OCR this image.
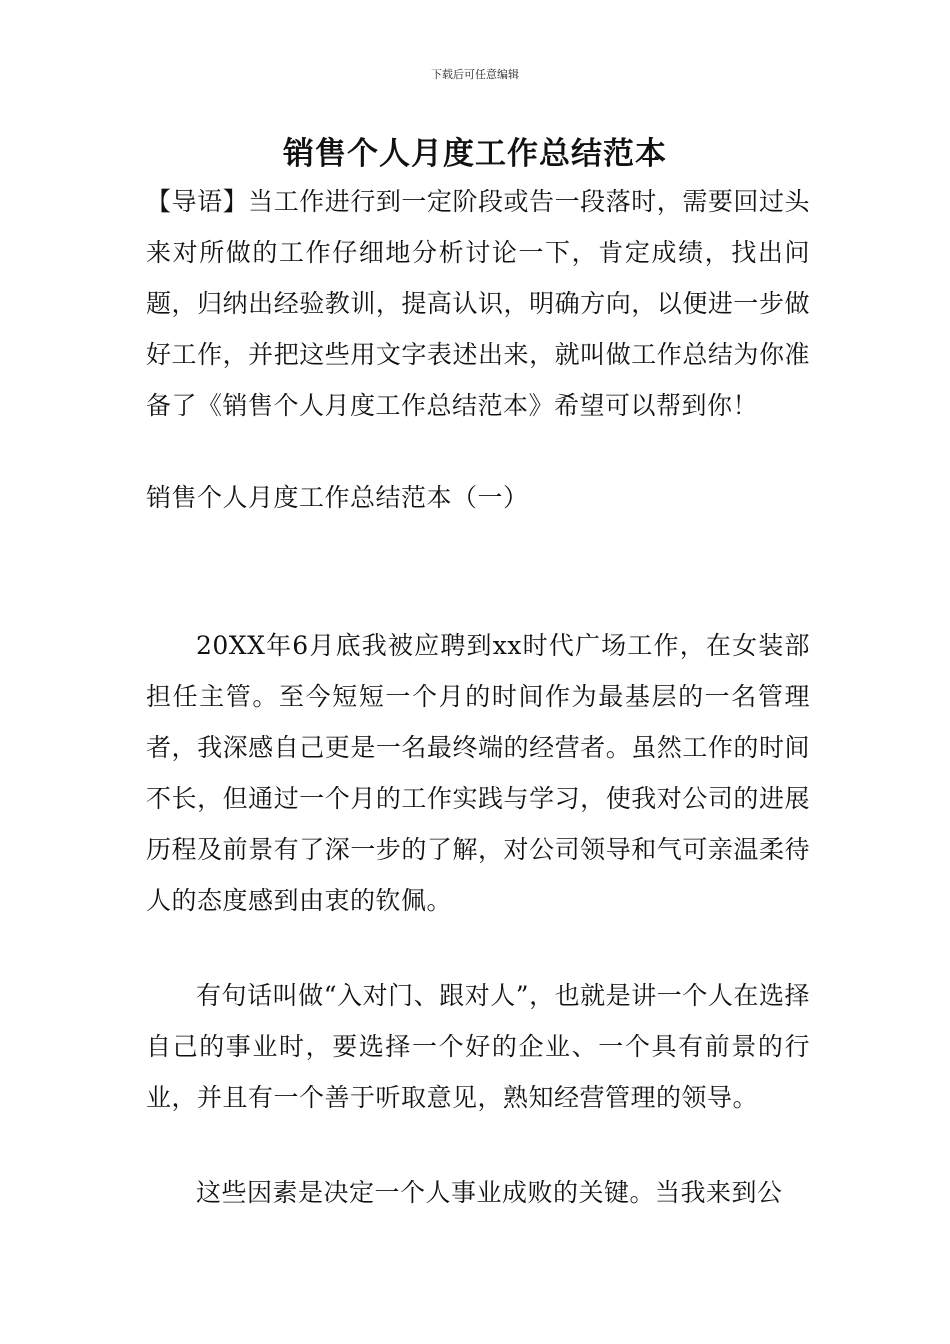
下载后可任意编辑
销售个人月度工作总结范本

【导语】当工作进行到一定阶段或告一段落时，需要回过头来对所做的工作仔细地分析讨论一下，肯定成绩，找出问题，归纳出经验教训，提高认识，明确方向，以便进一步做好工作，并把这些用文字表述出来，就叫做工作总结为你准备了《销售个人月度工作总结范本》希望可以帮到你！

销售个人月度工作总结范本（一）

20XX年6月底我被应聘到xx时代广场工作，在女装部担任主管。至今短短一个月的时间作为最基层的一名管理者，我深感自己更是一名最终端的经营者。虽然工作的时间不长，但通过一个月的工作实践与学习，使我对公司的进展历程及前景有了深一步的了解，对公司领导和气可亲温柔待人的态度感到由衷的钦佩。

有句话叫做“入对门、跟对人”，也就是讲一个人在选择自己的事业时，要选择一个好的企业、一个具有前景的行业，并且有一个善于听取意见，熟知经营管理的领导。

这些因素是决定一个人事业成败的关键。当我来到公
